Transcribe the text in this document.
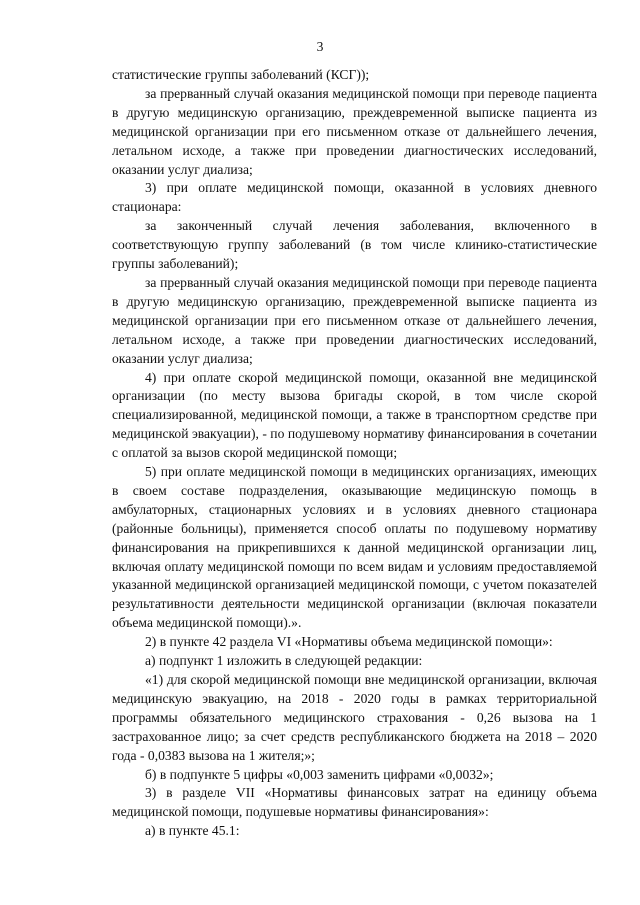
3

статистические группы заболеваний (КСГ));

за прерванный случай оказания медицинской помощи при переводе пациента в другую медицинскую организацию, преждевременной выписке пациента из медицинской организации при его письменном отказе от дальнейшего лечения, летальном исходе, а также при проведении диагностических исследований, оказании услуг диализа;

3) при оплате медицинской помощи, оказанной в условиях дневного стационара:

за законченный случай лечения заболевания, включенного в соответствующую группу заболеваний (в том числе клинико-статистические группы заболеваний);

за прерванный случай оказания медицинской помощи при переводе пациента в другую медицинскую организацию, преждевременной выписке пациента из медицинской организации при его письменном отказе от дальнейшего лечения, летальном исходе, а также при проведении диагностических исследований, оказании услуг диализа;

4) при оплате скорой медицинской помощи, оказанной вне медицинской организации (по месту вызова бригады скорой, в том числе скорой специализированной, медицинской помощи, а также в транспортном средстве при медицинской эвакуации), - по подушевому нормативу финансирования в сочетании с оплатой за вызов скорой медицинской помощи;

5) при оплате медицинской помощи в медицинских организациях, имеющих в своем составе подразделения, оказывающие медицинскую помощь в амбулаторных, стационарных условиях и в условиях дневного стационара (районные больницы), применяется способ оплаты по подушевому нормативу финансирования на прикрепившихся к данной медицинской организации лиц, включая оплату медицинской помощи по всем видам и условиям предоставляемой указанной медицинской организацией медицинской помощи, с учетом показателей результативности деятельности медицинской организации (включая показатели объема медицинской помощи).».

2) в пункте 42 раздела VI «Нормативы объема медицинской помощи»:

а) подпункт 1 изложить в следующей редакции:

«1) для скорой медицинской помощи вне медицинской организации, включая медицинскую эвакуацию, на 2018 - 2020 годы в рамках территориальной программы обязательного медицинского страхования - 0,26 вызова на 1 застрахованное лицо; за счет средств республиканского бюджета на 2018 – 2020 года - 0,0383 вызова на 1 жителя;»;

б) в подпункте 5 цифры «0,003 заменить цифрами «0,0032»;

3) в разделе VII «Нормативы финансовых затрат на единицу объема медицинской помощи, подушевые нормативы финансирования»:

а) в пункте 45.1:
